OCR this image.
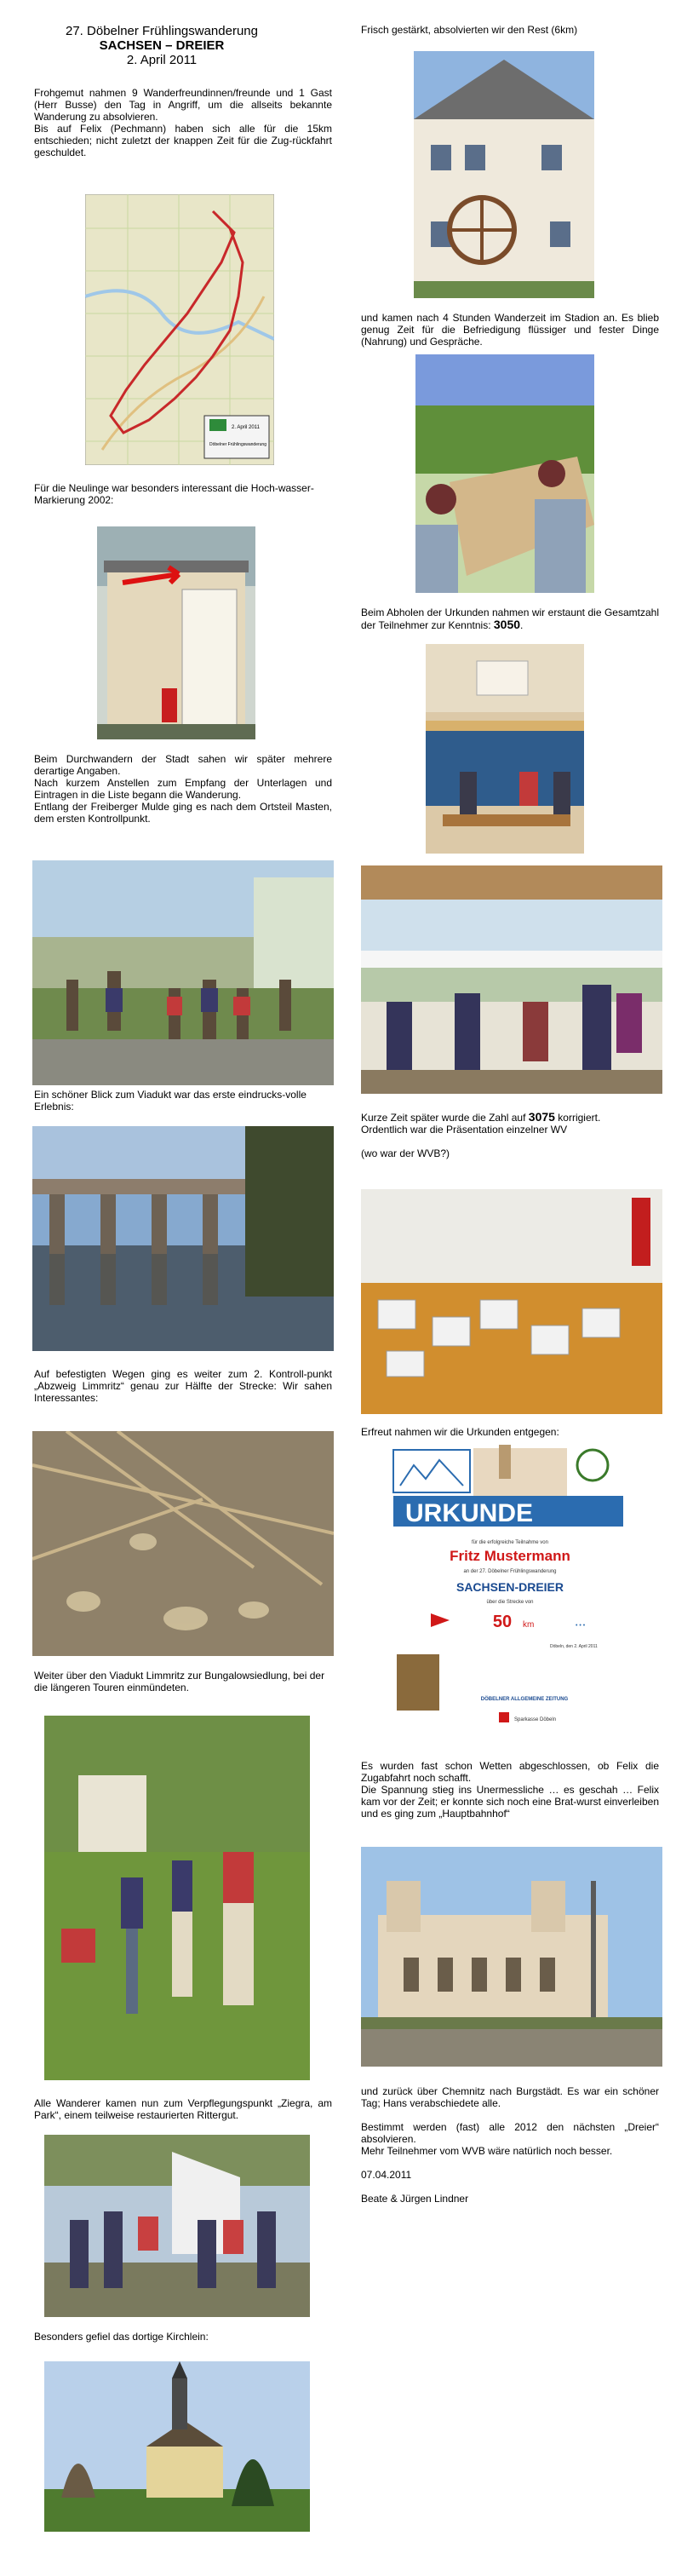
27. Döbelner Frühlingswanderung
SACHSEN – DREIER
2. April 2011

Frohgemut nahmen 9 Wanderfreundinnen/freunde und 1 Gast (Herr Busse) den Tag in Angriff, um die allseits bekannte Wanderung zu absolvieren.

Bis auf Felix (Pechmann) haben sich alle für die 15km entschieden; nicht zuletzt der knappen Zeit für die Zug-rückfahrt geschuldet.

2. April 2011
Döbelner Frühlingswanderung
Für die Neulinge war besonders interessant die Hoch-wasser-Markierung 2002:

Beim Durchwandern der Stadt sahen wir später mehrere derartige Angaben.

Nach kurzem Anstellen zum Empfang der Unterlagen und Eintragen in die Liste begann die Wanderung.

Entlang der Freiberger Mulde ging es nach dem Ortsteil Masten, dem ersten Kontrollpunkt.

Ein schöner Blick zum Viadukt war das erste eindrucks-volle Erlebnis:
Auf befestigten Wegen ging es weiter zum 2. Kontroll-punkt „Abzweig Limmritz“ genau zur Hälfte der Strecke: Wir sahen Interessantes:
Weiter über den Viadukt Limmritz zur Bungalowsiedlung, bei der die längeren Touren einmündeten.
Alle Wanderer kamen nun zum Verpflegungspunkt „Ziegra, am Park“, einem teilweise restaurierten Rittergut.
Besonders gefiel das dortige Kirchlein:
Frisch gestärkt, absolvierten wir den Rest (6km)
und kamen nach 4 Stunden Wanderzeit im Stadion an. Es blieb genug Zeit für die Befriedigung flüssiger und fester Dinge (Nahrung) und Gespräche.
Beim Abholen der Urkunden nahmen wir erstaunt die Gesamtzahl der Teilnehmer zur Kenntnis: 3050.

Kurze Zeit später wurde die Zahl auf 3075 korrigiert.

Ordentlich war die Präsentation einzelner WV

(wo war der WVB?)

Erfreut nahmen wir die Urkunden entgegen:
URKUNDE
für die erfolgreiche Teilnahme von
Fritz Mustermann
an der 27. Döbelner Frühlingswanderung
SACHSEN-DREIER
über die Strecke von
50 km	• • •
Döbeln, den 2. April 2011
DÖBELNER ALLGEMEINE ZEITUNG
Sparkasse Döbeln

Es wurden fast schon Wetten abgeschlossen, ob Felix die Zugabfahrt noch schafft.

Die Spannung stieg ins Unermessliche … es geschah … Felix kam vor der Zeit; er konnte sich noch eine Brat-wurst einverleiben und es ging zum „Hauptbahnhof“

und zurück über Chemnitz nach Burgstädt. Es war ein schöner Tag; Hans verabschiedete alle.

Bestimmt werden (fast) alle 2012 den nächsten „Dreier“ absolvieren.

Mehr Teilnehmer vom WVB wäre natürlich noch besser.

07.04.2011

Beate & Jürgen Lindner
